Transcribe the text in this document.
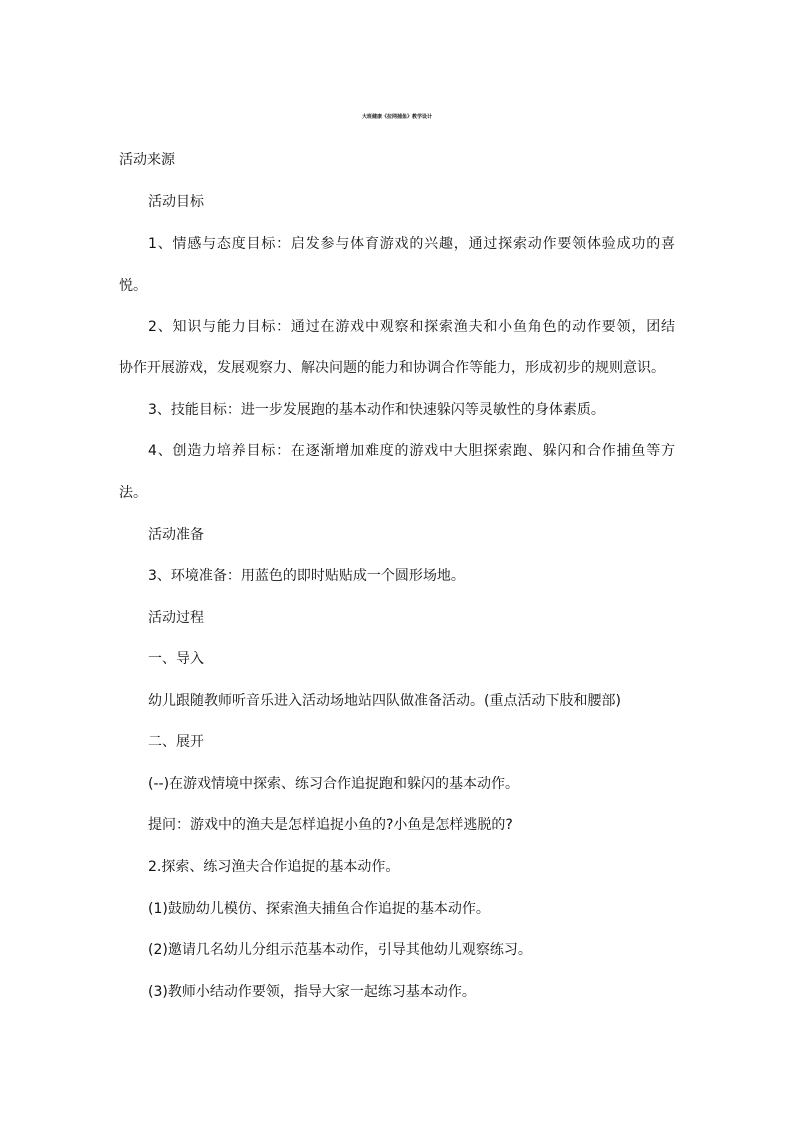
大班健康《拉网捕鱼》教学设计
活动来源
活动目标
1、情感与态度目标：启发参与体育游戏的兴趣，通过探索动作要领体验成功的喜
悦。
2、知识与能力目标：通过在游戏中观察和探索渔夫和小鱼角色的动作要领，团结
协作开展游戏，发展观察力、解决问题的能力和协调合作等能力，形成初步的规则意识。
3、技能目标：进一步发展跑的基本动作和快速躲闪等灵敏性的身体素质。
4、创造力培养目标：在逐渐增加难度的游戏中大胆探索跑、躲闪和合作捕鱼等方
法。
活动准备
3、环境准备：用蓝色的即时贴贴成一个圆形场地。
活动过程
一、导入
幼儿跟随教师听音乐进入活动场地站四队做准备活动。(重点活动下肢和腰部)
二、展开
(--)在游戏情境中探索、练习合作追捉跑和躲闪的基本动作。
提问：游戏中的渔夫是怎样追捉小鱼的?小鱼是怎样逃脱的?
2.探索、练习渔夫合作追捉的基本动作。
(1)鼓励幼儿模仿、探索渔夫捕鱼合作追捉的基本动作。
(2)邀请几名幼儿分组示范基本动作，引导其他幼儿观察练习。
(3)教师小结动作要领，指导大家一起练习基本动作。
